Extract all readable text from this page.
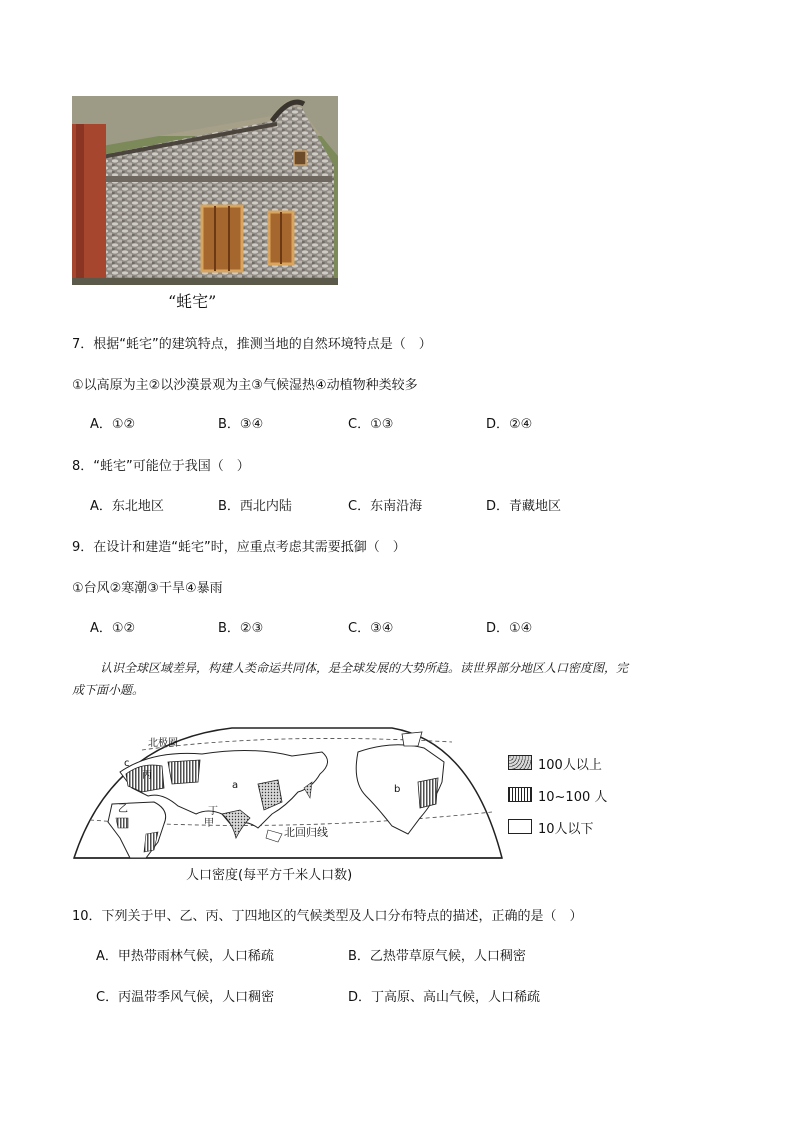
“蚝宅”
7．根据“蚝宅”的建筑特点，推测当地的自然环境特点是（　）
①以高原为主②以沙漠景观为主③气候湿热④动植物种类较多
A．①②	B．③④	C．①③	D．②④
8．“蚝宅”可能位于我国（　）
A．东北地区	B．西北内陆	C．东南沿海	D．青藏地区
9．在设计和建造“蚝宅”时，应重点考虑其需要抵御（　）
①台风②寒潮③干旱④暴雨
A．①②	B．②③	C．③④	D．①④
认识全球区域差异，构建人类命运共同体，是全球发展的大势所趋。读世界部分地区人口密度图，完
成下面小题。
北极圈
北回归线
甲
乙
丙
丁
a	b
c
人口密度(每平方千米人口数)
100人以上
10~100 人
10人以下
10．下列关于甲、乙、丙、丁四地区的气候类型及人口分布特点的描述，正确的是（　）
A．甲热带雨林气候，人口稀疏	B．乙热带草原气候，人口稠密
C．丙温带季风气候，人口稠密	D．丁高原、高山气候，人口稀疏
